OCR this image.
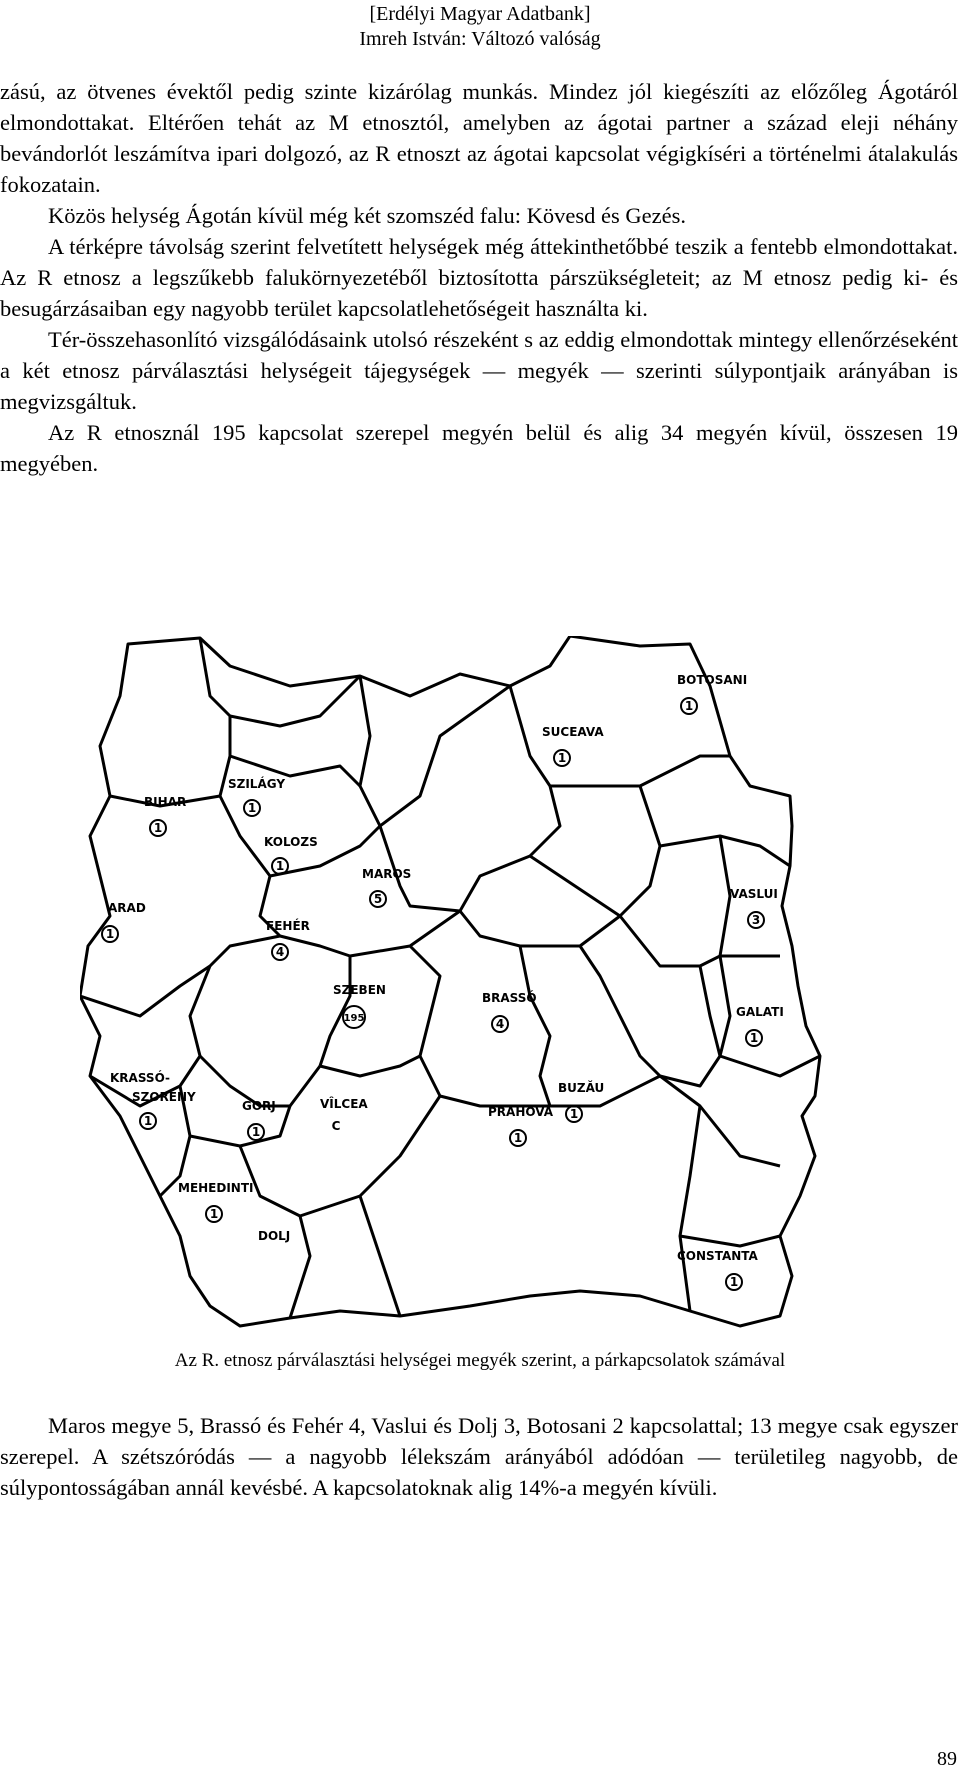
[Erdélyi Magyar Adatbank]
Imreh István: Változó valóság

zású, az ötvenes évektől pedig szinte kizárólag munkás. Mindez jól kiegészíti az előzőleg Ágotáról elmondottakat. Eltérően tehát az M etnosztól, amelyben az ágotai partner a század eleji néhány bevándorlót leszámítva ipari dolgozó, az R etnoszt az ágotai kapcsolat végigkíséri a történelmi átalakulás fokozatain.

Közös helység Ágotán kívül még két szomszéd falu: Kövesd és Gezés.

A térképre távolság szerint felvetített helységek még áttekinthetőbbé teszik a fentebb elmondottakat. Az R etnosz a legszűkebb falukörnyezetéből biztosította párszükségleteit; az M etnosz pedig ki- és besugárzásaiban egy nagyobb terület kapcsolatlehetőségeit használta ki.

Tér-összehasonlító vizsgálódásaink utolsó részeként s az eddig elmondottak mintegy ellenőrzéseként a két etnosz párválasztási helységeit tájegységek — megyék — szerinti súlypontjaik arányában is megvizsgáltuk.

Az R etnosznál 195 kapcsolat szerepel megyén belül és alig 34 megyén kívül, összesen 19 megyében.

BOTOSANI
1
SUCEAVA
1
SZILÁGY
1
BIHAR
1
KOLOZS
1
MAROS
5	VASLUI
3
ARAD
1
FEHÉR
4
SZEBEN
195
BRASSÓ
4
GALATI
1
KRASSÓ-
SZORÉNY
1
GORJ
1
VÎLCEA
C
PRAHOVA
1
BUZĂU
1
MEHEDINTI
1
DOLJ
CONSTANTA
1
Az R. etnosz párválasztási helységei megyék szerint, a párkapcsolatok számával

Maros megye 5, Brassó és Fehér 4, Vaslui és Dolj 3, Botosani 2 kapcsolattal; 13 megye csak egyszer szerepel. A szétszóródás — a nagyobb lélekszám arányából adódóan — területileg nagyobb, de súlypontosságában annál kevésbé. A kapcsolatoknak alig 14%-a megyén kívüli.

89
